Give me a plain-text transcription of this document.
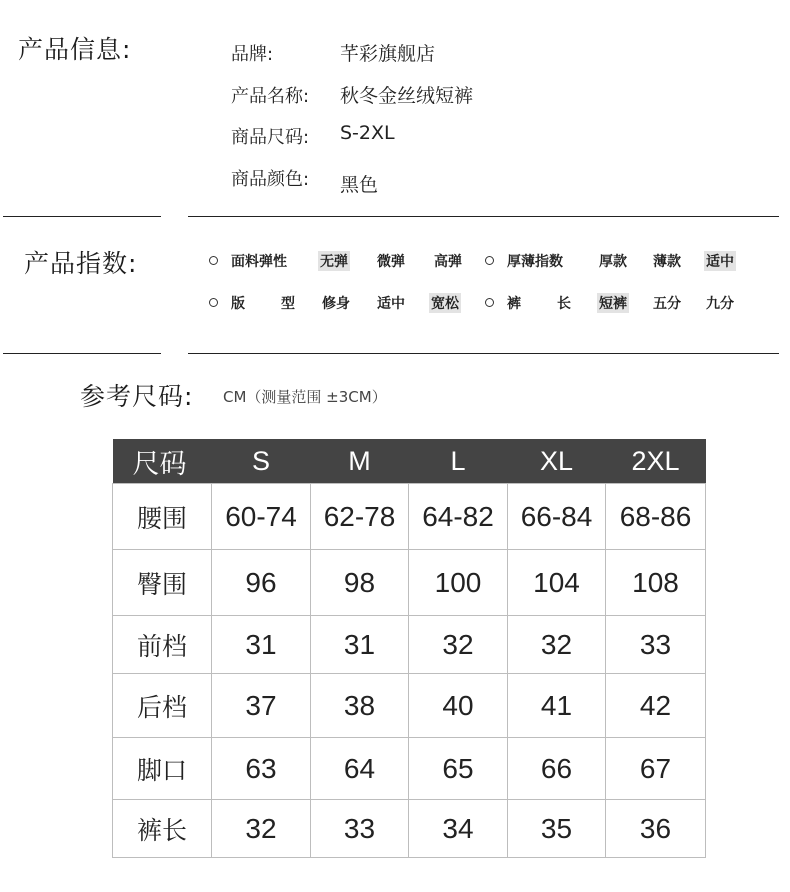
产品信息:	品牌:	芊彩旗舰店
产品名称: 秋冬金丝绒短裤
商品尺码: S-2XL
商品颜色: 黑色
产品指数:	面料弹性 无弹 微弹 高弹	厚薄指数	厚款 薄款 适中
版	型 修身 适中 宽松	裤	长 短裤 五分 九分
参考尺码: CM（测量范围 ±3CM）
尺码	S	M	L	XL	2XL
腰围	60-74	62-78	64-82	66-84	68-86
臀围	96	98	100	104	108
前档	31	31	32	32	33
后档	37	38	40	41	42
脚口	63	64	65	66	67
裤长	32	33	34	35	36
